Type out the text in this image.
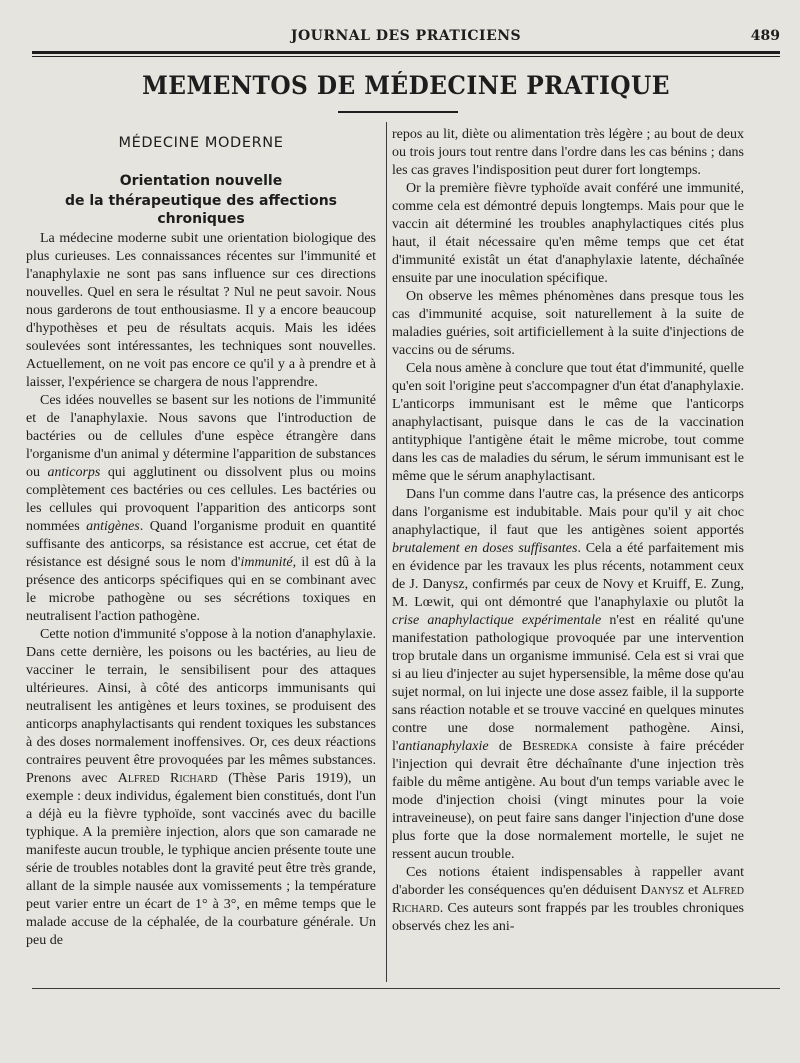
JOURNAL DES PRATICIENS	489
MEMENTOS DE MÉDECINE PRATIQUE
MÉDECINE MODERNE
Orientation nouvelle
de la thérapeutique des affections chroniques

La médecine moderne subit une orientation biologique des plus curieuses. Les connaissances récentes sur l'immunité et l'anaphylaxie ne sont pas sans influence sur ces directions nouvelles. Quel en sera le résultat ? Nul ne peut savoir. Nous nous garderons de tout enthousiasme. Il y a encore beaucoup d'hypothèses et peu de résultats acquis. Mais les idées soulevées sont intéressantes, les techniques sont nouvelles. Actuellement, on ne voit pas encore ce qu'il y a à prendre et à laisser, l'expérience se chargera de nous l'apprendre.

Ces idées nouvelles se basent sur les notions de l'immunité et de l'anaphylaxie. Nous savons que l'introduction de bactéries ou de cellules d'une espèce étrangère dans l'organisme d'un animal y détermine l'apparition de substances ou anticorps qui agglutinent ou dissolvent plus ou moins complètement ces bactéries ou ces cellules. Les bactéries ou les cellules qui provoquent l'apparition des anticorps sont nommées antigènes. Quand l'organisme produit en quantité suffisante des anticorps, sa résistance est accrue, cet état de résistance est désigné sous le nom d'immunité, il est dû à la présence des anticorps spécifiques qui en se combinant avec le microbe pathogène ou ses sécrétions toxiques en neutralisent l'action pathogène.

Cette notion d'immunité s'oppose à la notion d'anaphylaxie. Dans cette dernière, les poisons ou les bactéries, au lieu de vacciner le terrain, le sensibilisent pour des attaques ultérieures. Ainsi, à côté des anticorps immunisants qui neutralisent les antigènes et leurs toxines, se produisent des anticorps anaphylactisants qui rendent toxiques les substances à des doses normalement inoffensives. Or, ces deux réactions contraires peuvent être provoquées par les mêmes substances. Prenons avec Alfred Richard (Thèse Paris 1919), un exemple : deux individus, également bien constitués, dont l'un a déjà eu la fièvre typhoïde, sont vaccinés avec du bacille typhique. A la première injection, alors que son camarade ne manifeste aucun trouble, le typhique ancien présente toute une série de troubles notables dont la gravité peut être très grande, allant de la simple nausée aux vomissements ; la température peut varier entre un écart de 1° à 3°, en même temps que le malade accuse de la céphalée, de la courbature générale. Un peu de

repos au lit, diète ou alimentation très légère ; au bout de deux ou trois jours tout rentre dans l'ordre dans les cas bénins ; dans les cas graves l'indisposition peut durer fort longtemps.

Or la première fièvre typhoïde avait conféré une immunité, comme cela est démontré depuis longtemps. Mais pour que le vaccin ait déterminé les troubles anaphylactiques cités plus haut, il était nécessaire qu'en même temps que cet état d'immunité existât un état d'anaphylaxie latente, déchaînée ensuite par une inoculation spécifique.

On observe les mêmes phénomènes dans presque tous les cas d'immunité acquise, soit naturellement à la suite de maladies guéries, soit artificiellement à la suite d'injections de vaccins ou de sérums.

Cela nous amène à conclure que tout état d'immunité, quelle qu'en soit l'origine peut s'accompagner d'un état d'anaphylaxie. L'anticorps immunisant est le même que l'anticorps anaphylactisant, puisque dans le cas de la vaccination antityphique l'antigène était le même microbe, tout comme dans les cas de maladies du sérum, le sérum immunisant est le même que le sérum anaphylactisant.

Dans l'un comme dans l'autre cas, la présence des anticorps dans l'organisme est indubitable. Mais pour qu'il y ait choc anaphylactique, il faut que les antigènes soient apportés brutalement en doses suffisantes. Cela a été parfaitement mis en évidence par les travaux les plus récents, notamment ceux de J. Danysz, confirmés par ceux de Novy et Kruiff, E. Zung, M. Lœwit, qui ont démontré que l'anaphylaxie ou plutôt la crise anaphylactique expérimentale n'est en réalité qu'une manifestation pathologique provoquée par une intervention trop brutale dans un organisme immunisé. Cela est si vrai que si au lieu d'injecter au sujet hypersensible, la même dose qu'au sujet normal, on lui injecte une dose assez faible, il la supporte sans réaction notable et se trouve vacciné en quelques minutes contre une dose normalement pathogène. Ainsi, l'antianaphylaxie de Besredka consiste à faire précéder l'injection qui devrait être déchaînante d'une injection très faible du même antigène. Au bout d'un temps variable avec le mode d'injection choisi (vingt minutes pour la voie intraveineuse), on peut faire sans danger l'injection d'une dose plus forte que la dose normalement mortelle, le sujet ne ressent aucun trouble.

Ces notions étaient indispensables à rappeller avant d'aborder les conséquences qu'en déduisent Danysz et Alfred Richard. Ces auteurs sont frappés par les troubles chroniques observés chez les ani-
